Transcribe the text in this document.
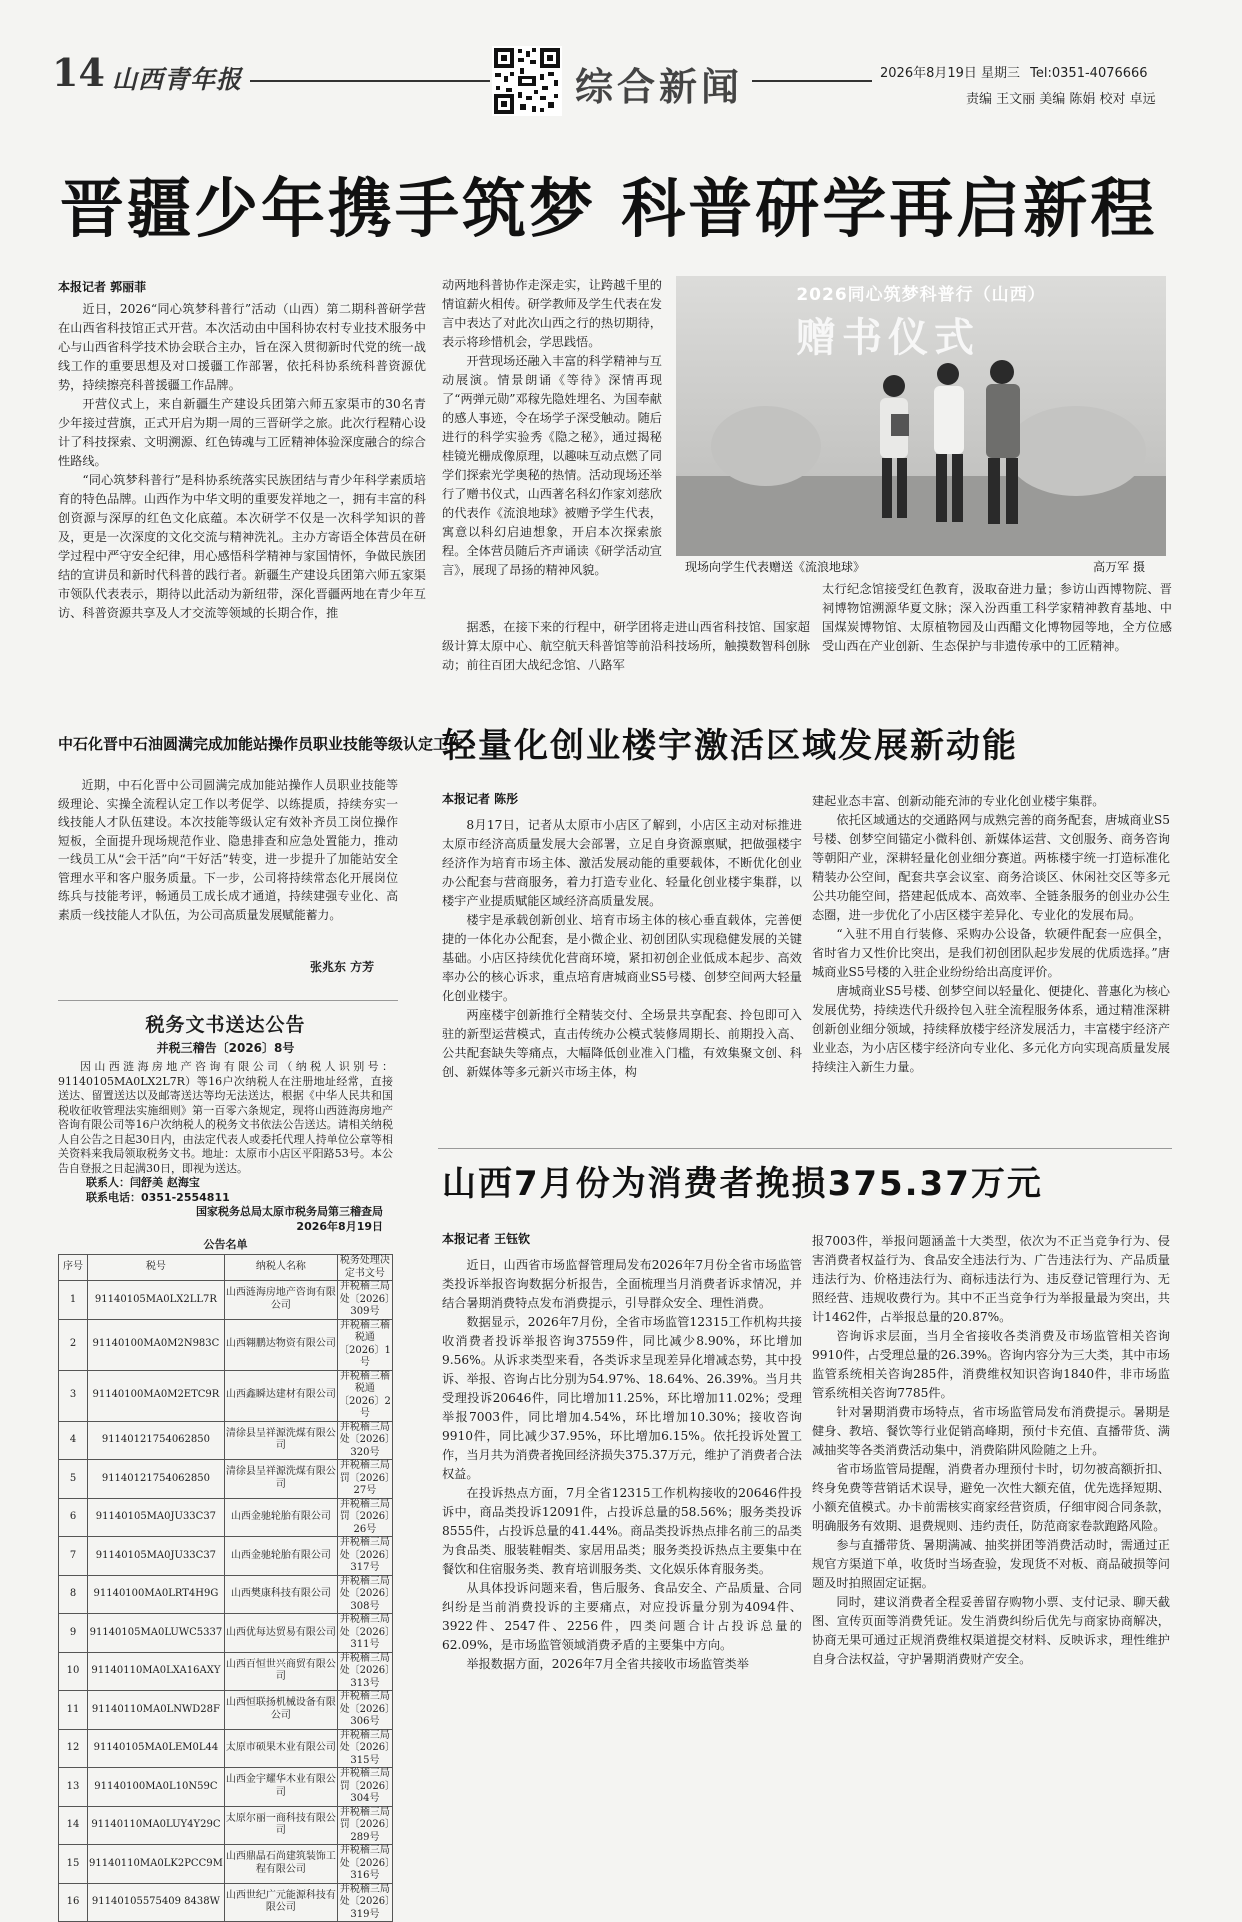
14 山西青年报	综合新闻	2026年8月19日 星期三 Tel:0351-4076666
责编 王文丽 美编 陈娟 校对 卓远
晋疆少年携手筑梦 科普研学再启新程
本报记者 郭丽菲

近日，2026“同心筑梦科普行”活动（山西）第二期科普研学营在山西省科技馆正式开营。本次活动由中国科协农村专业技术服务中心与山西省科学技术协会联合主办，旨在深入贯彻新时代党的统一战线工作的重要思想及对口援疆工作部署，依托科协系统科普资源优势，持续擦亮科普援疆工作品牌。

开营仪式上，来自新疆生产建设兵团第六师五家渠市的30名青少年接过营旗，正式开启为期一周的三晋研学之旅。此次行程精心设计了科技探索、文明溯源、红色铸魂与工匠精神体验深度融合的综合性路线。

“同心筑梦科普行”是科协系统落实民族团结与青少年科学素质培育的特色品牌。山西作为中华文明的重要发祥地之一，拥有丰富的科创资源与深厚的红色文化底蕴。本次研学不仅是一次科学知识的普及，更是一次深度的文化交流与精神洗礼。主办方寄语全体营员在研学过程中严守安全纪律，用心感悟科学精神与家国情怀，争做民族团结的宣讲员和新时代科普的践行者。新疆生产建设兵团第六师五家渠市领队代表表示，期待以此活动为新纽带，深化晋疆两地在青少年互访、科普资源共享及人才交流等领域的长期合作，推

动两地科普协作走深走实，让跨越千里的情谊薪火相传。研学教师及学生代表在发言中表达了对此次山西之行的热切期待，表示将珍惜机会，学思践悟。

开营现场还融入丰富的科学精神与互动展演。情景朗诵《等待》深情再现了“两弹元勋”邓稼先隐姓埋名、为国奉献的感人事迹，令在场学子深受触动。随后进行的科学实验秀《隐之秘》，通过揭秘桂镜光栅成像原理，以趣味互动点燃了同学们探索光学奥秘的热情。活动现场还举行了赠书仪式，山西著名科幻作家刘慈欣的代表作《流浪地球》被赠予学生代表，寓意以科幻启迪想象，开启本次探索旅程。全体营员随后齐声诵读《研学活动宣言》，展现了昂扬的精神风貌。

据悉，在接下来的行程中，研学团将走进山西省科技馆、国家超级计算太原中心、航空航天科普馆等前沿科技场所，触摸数智科创脉动；前往百团大战纪念馆、八路军

太行纪念馆接受红色教育，汲取奋进力量；参访山西博物院、晋祠博物馆溯源华夏文脉；深入汾西重工科学家精神教育基地、中国煤炭博物馆、太原植物园及山西醋文化博物园等地，全方位感受山西在产业创新、生态保护与非遗传承中的工匠精神。

2026同心筑梦科普行（山西）
赠书仪式
现场向学生代表赠送《流浪地球》	高万军 摄
中石化晋中石油圆满完成加能站操作员职业技能等级认定工作

近期，中石化晋中公司圆满完成加能站操作人员职业技能等级理论、实操全流程认定工作以考促学、以练提质，持续夯实一线技能人才队伍建设。本次技能等级认定有效补齐员工岗位操作短板，全面提升现场规范作业、隐患排查和应急处置能力，推动一线员工从“会干活”向“干好活”转变，进一步提升了加能站安全管理水平和客户服务质量。下一步，公司将持续常态化开展岗位练兵与技能考评，畅通员工成长成才通道，持续建强专业化、高素质一线技能人才队伍，为公司高质量发展赋能蓄力。

张兆东 方芳
轻量化创业楼宇激活区域发展新动能
本报记者 陈彤

8月17日，记者从太原市小店区了解到，小店区主动对标推进太原市经济高质量发展大会部署，立足自身资源禀赋，把做强楼宇经济作为培育市场主体、激活发展动能的重要载体，不断优化创业办公配套与营商服务，着力打造专业化、轻量化创业楼宇集群，以楼宇产业提质赋能区域经济高质量发展。

楼宇是承载创新创业、培育市场主体的核心垂直载体，完善便捷的一体化办公配套，是小微企业、初创团队实现稳健发展的关键基础。小店区持续优化营商环境，紧扣初创企业低成本起步、高效率办公的核心诉求，重点培育唐城商业S5号楼、创梦空间两大轻量化创业楼宇。

两座楼宇创新推行全精装交付、全场景共享配套、拎包即可入驻的新型运营模式，直击传统办公模式装修周期长、前期投入高、公共配套缺失等痛点，大幅降低创业准入门槛，有效集聚文创、科创、新媒体等多元新兴市场主体，构

建起业态丰富、创新动能充沛的专业化创业楼宇集群。

依托区域通达的交通路网与成熟完善的商务配套，唐城商业S5号楼、创梦空间锚定小微科创、新媒体运营、文创服务、商务咨询等朝阳产业，深耕轻量化创业细分赛道。两栋楼宇统一打造标准化精装办公空间，配套共享会议室、商务洽谈区、休闲社交区等多元公共功能空间，搭建起低成本、高效率、全链条服务的创业办公生态圈，进一步优化了小店区楼宇差异化、专业化的发展布局。

“入驻不用自行装修、采购办公设备，软硬件配套一应俱全，省时省力又性价比突出，是我们初创团队起步发展的优质选择。”唐城商业S5号楼的入驻企业纷纷给出高度评价。

唐城商业S5号楼、创梦空间以轻量化、便捷化、普惠化为核心发展优势，持续迭代升级拎包入驻全流程服务体系，通过精准深耕创新创业细分领域，持续释放楼宇经济发展活力，丰富楼宇经济产业业态，为小店区楼宇经济向专业化、多元化方向实现高质量发展持续注入新生力量。

山西7月份为消费者挽损375.37万元
本报记者 王钰钦

近日，山西省市场监督管理局发布2026年7月份全省市场监管类投诉举报咨询数据分析报告，全面梳理当月消费者诉求情况，并结合暑期消费特点发布消费提示，引导群众安全、理性消费。

数据显示，2026年7月份，全省市场监管12315工作机构共接收消费者投诉举报咨询37559件，同比减少8.90%，环比增加9.56%。从诉求类型来看，各类诉求呈现差异化增减态势，其中投诉、举报、咨询占比分别为54.97%、18.64%、26.39%。当月共受理投诉20646件，同比增加11.25%，环比增加11.02%；受理举报7003件，同比增加4.54%，环比增加10.30%；接收咨询9910件，同比减少37.95%，环比增加6.15%。依托投诉处置工作，当月共为消费者挽回经济损失375.37万元，维护了消费者合法权益。

在投诉热点方面，7月全省12315工作机构接收的20646件投诉中，商品类投诉12091件，占投诉总量的58.56%；服务类投诉8555件，占投诉总量的41.44%。商品类投诉热点排名前三的品类为食品类、服装鞋帽类、家居用品类；服务类投诉热点主要集中在餐饮和住宿服务类、教育培训服务类、文化娱乐体育服务类。

从具体投诉问题来看，售后服务、食品安全、产品质量、合同纠纷是当前消费投诉的主要痛点，对应投诉量分别为4094件、3922件、2547件、2256件，四类问题合计占投诉总量的62.09%，是市场监管领域消费矛盾的主要集中方向。

举报数据方面，2026年7月全省共接收市场监管类举

报7003件，举报问题涵盖十大类型，依次为不正当竞争行为、侵害消费者权益行为、食品安全违法行为、广告违法行为、产品质量违法行为、价格违法行为、商标违法行为、违反登记管理行为、无照经营、违规收费行为。其中不正当竞争行为举报量最为突出，共计1462件，占举报总量的20.87%。

咨询诉求层面，当月全省接收各类消费及市场监管相关咨询9910件，占受理总量的26.39%。咨询内容分为三大类，其中市场监管系统相关咨询285件，消费维权知识咨询1840件，非市场监管系统相关咨询7785件。

针对暑期消费市场特点，省市场监管局发布消费提示。暑期是健身、教培、餐饮等行业促销高峰期，预付卡充值、直播带货、满减抽奖等各类消费活动集中，消费陷阱风险随之上升。

省市场监管局提醒，消费者办理预付卡时，切勿被高额折扣、终身免费等营销话术误导，避免一次性大额充值，优先选择短期、小额充值模式。办卡前需核实商家经营资质，仔细审阅合同条款，明确服务有效期、退费规则、违约责任，防范商家卷款跑路风险。

参与直播带货、暑期满减、抽奖拼团等消费活动时，需通过正规官方渠道下单，收货时当场查验，发现货不对板、商品破损等问题及时拍照固定证据。

同时，建议消费者全程妥善留存购物小票、支付记录、聊天截图、宣传页面等消费凭证。发生消费纠纷后优先与商家协商解决，协商无果可通过正规消费维权渠道提交材料、反映诉求，理性维护自身合法权益，守护暑期消费财产安全。

税务文书送达公告
并税三稽告〔2026〕8号
因山西涟海房地产咨询有限公司（纳税人识别号：91140105MA0LX2L7R）等16户次纳税人在注册地址经常，直接送达、留置送达以及邮寄送达等均无法送达，根据《中华人民共和国税收征收管理法实施细则》第一百零六条规定，现将山西涟海房地产咨询有限公司等16户次纳税人的税务文书依法公告送达。请相关纳税人自公告之日起30日内，由法定代表人或委托代理人持单位公章等相关资料来我局领取税务文书。地址：太原市小店区平阳路53号。本公告自登报之日起满30日，即视为送达。
联系人：闫舒美 赵海宝
联系电话：0351-2554811
国家税务总局太原市税务局第三稽查局
2026年8月19日
公告名单
序号	税号	纳税人名称	税务处理决定书文号
1	91140105MA0LX2LL7R	山西涟海房地产咨询有限公司	并税稽三局处〔2026〕309号
2	91140100MA0M2N983C	山西翱鹏达物资有限公司	并税稽三稽税通〔2026〕1号
3	91140100MA0M2ETC9R	山西鑫瞬达建材有限公司	并税稽三稽税通〔2026〕2号
4	91140121754062850	清徐县呈祥源洗煤有限公司	并税稽三局处〔2026〕320号
5	91140121754062850	清徐县呈祥源洗煤有限公司	并税稽三局罚〔2026〕27号
6	91140105MA0JU33C37	山西金驰轮胎有限公司	并税稽三局罚〔2026〕26号
7	91140105MA0JU33C37	山西金驰轮胎有限公司	并税稽三局处〔2026〕317号
8	91140100MA0LRT4H9G	山西樊康科技有限公司	并税稽三局处〔2026〕308号
9	91140105MA0LUWC5337	山西优每达贸易有限公司	并税稽三局处〔2026〕311号
10	91140110MA0LXA16AXY	山西百恒世兴商贸有限公司	并税稽三局处〔2026〕313号
11	91140110MA0LNWD28F	山西恒联扬机械设备有限公司	并税稽三局处〔2026〕306号
12	91140105MA0LEM0L44	太原市硕果木业有限公司	并税稽三局处〔2026〕315号
13	91140100MA0L10N59C	山西金宇耀华木业有限公司	并税稽三局罚〔2026〕304号
14	91140110MA0LUY4Y29C	太原尔丽一商科技有限公司	并税稽三局罚〔2026〕289号
15	91140110MA0LK2PCC9M	山西鼎晶石尚建筑装饰工程有限公司	并税稽三局处〔2026〕316号
16	91140105575409 8438W	山西世纪广元能源科技有限公司	并税稽三局处〔2026〕319号
